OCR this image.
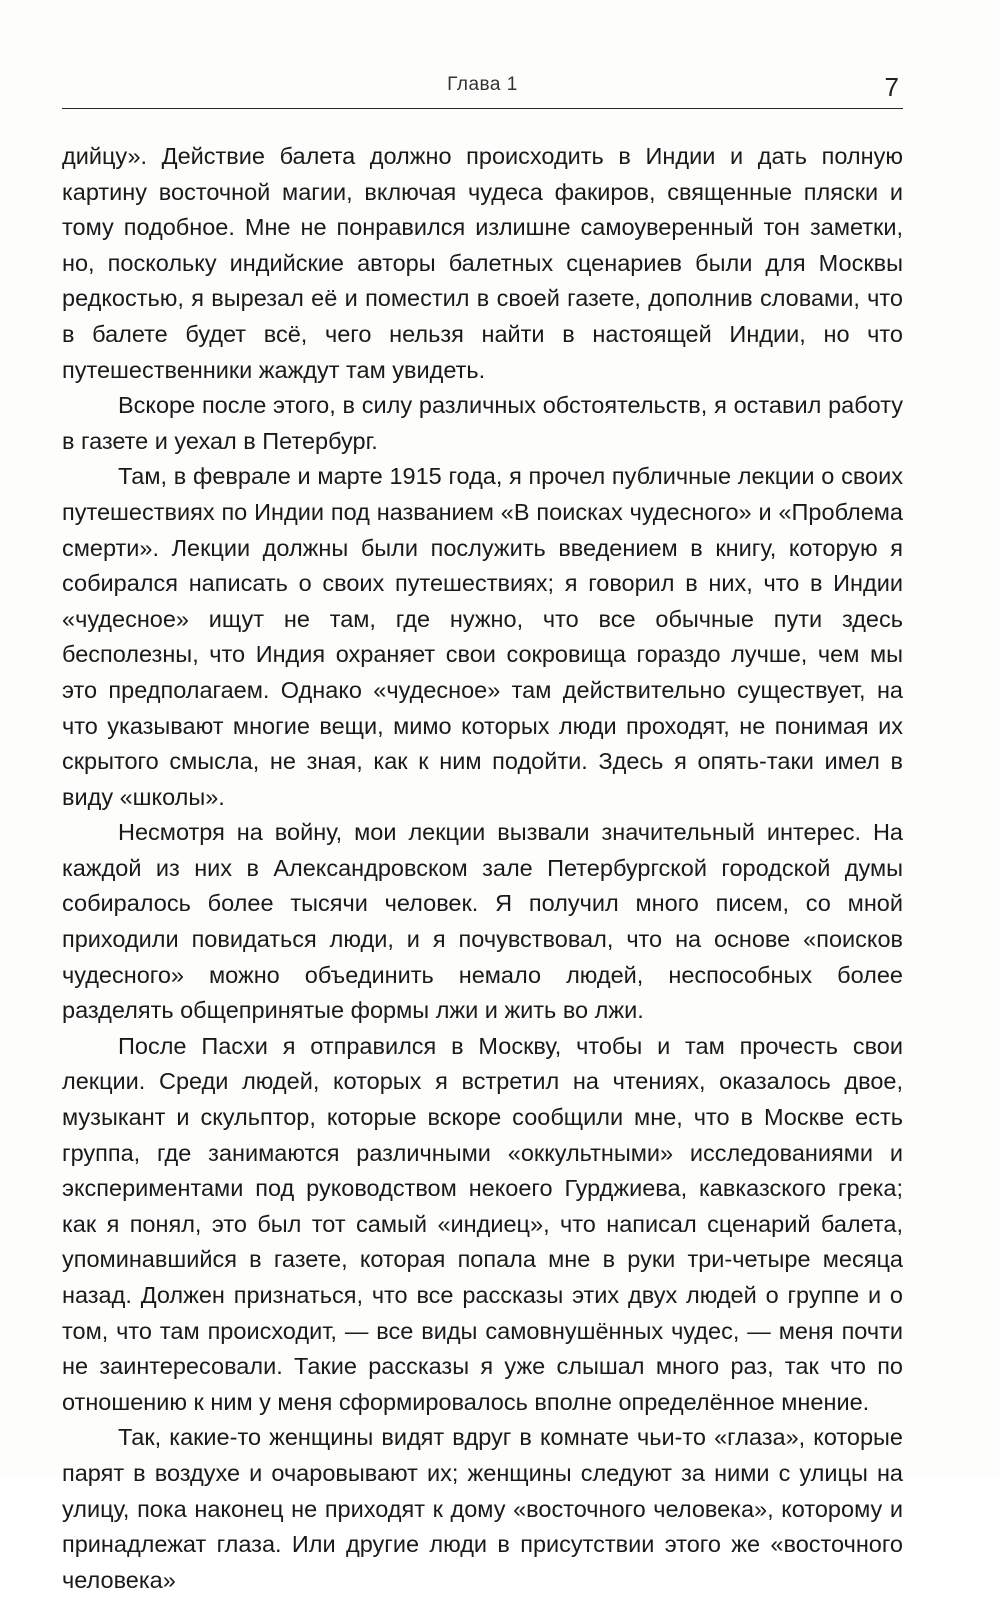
Глава 1	7

дийцу». Действие балета должно происходить в Индии и дать полную картину восточной магии, включая чудеса факиров, священные пляски и тому подобное. Мне не понравился излишне самоуверенный тон заметки, но, поскольку индийские авторы балетных сценариев были для Москвы редкостью, я вырезал её и поместил в своей газете, дополнив словами, что в балете будет всё, чего нельзя найти в настоящей Индии, но что путешественники жаждут там увидеть.

Вскоре после этого, в силу различных обстоятельств, я оставил работу в газете и уехал в Петербург.

Там, в феврале и марте 1915 года, я прочел публичные лекции о своих путешествиях по Индии под названием «В поисках чудесного» и «Проблема смерти». Лекции должны были послужить введением в книгу, которую я собирался написать о своих путешествиях; я говорил в них, что в Индии «чудесное» ищут не там, где нужно, что все обычные пути здесь бесполезны, что Индия охраняет свои сокровища гораздо лучше, чем мы это предполагаем. Однако «чудесное» там действительно существует, на что указывают многие вещи, мимо которых люди проходят, не понимая их скрытого смысла, не зная, как к ним подойти. Здесь я опять-таки имел в виду «школы».

Несмотря на войну, мои лекции вызвали значительный интерес. На каждой из них в Александровском зале Петербургской городской думы собиралось более тысячи человек. Я получил много писем, со мной приходили повидаться люди, и я почувствовал, что на основе «поисков чудесного» можно объединить немало людей, неспособных более разделять общепринятые формы лжи и жить во лжи.

После Пасхи я отправился в Москву, чтобы и там прочесть свои лекции. Среди людей, которых я встретил на чтениях, оказалось двое, музыкант и скульптор, которые вскоре сообщили мне, что в Москве есть группа, где занимаются различными «оккультными» исследованиями и экспериментами под руководством некоего Гурджиева, кавказского грека; как я понял, это был тот самый «индиец», что написал сценарий балета, упоминавшийся в газете, которая попала мне в руки три-четыре месяца назад. Должен признаться, что все рассказы этих двух людей о группе и о том, что там происходит, — все виды самовнушённых чудес, — меня почти не заинтересовали. Такие рассказы я уже слышал много раз, так что по отношению к ним у меня сформировалось вполне определённое мнение.

Так, какие-то женщины видят вдруг в комнате чьи-то «глаза», которые парят в воздухе и очаровывают их; женщины следуют за ними с улицы на улицу, пока наконец не приходят к дому «восточного человека», которому и принадлежат глаза. Или другие люди в присутствии этого же «восточного человека»
